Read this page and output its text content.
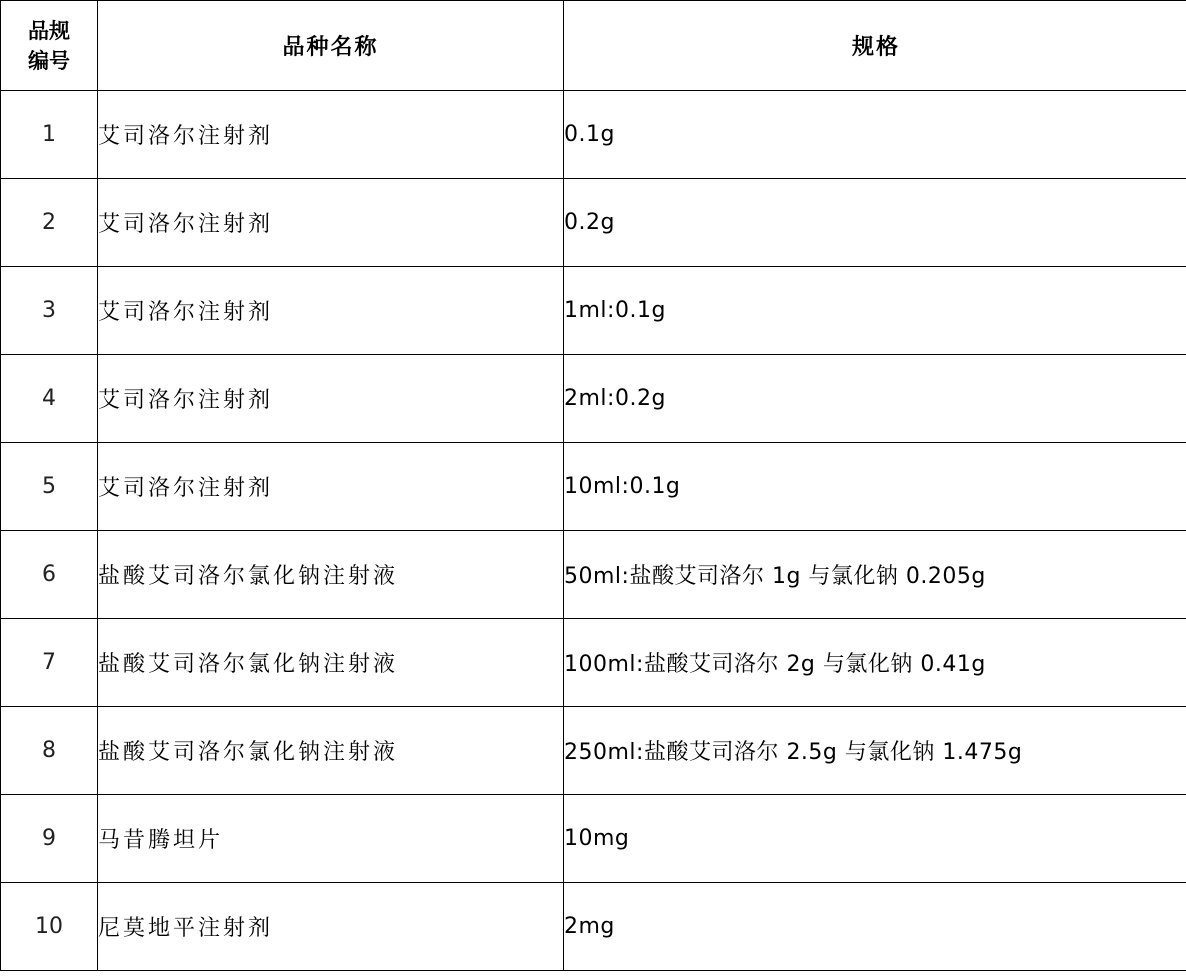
品规
编号	品种名称	规格
1	艾司洛尔注射剂	0.1g
2	艾司洛尔注射剂	0.2g
3	艾司洛尔注射剂	1ml:0.1g
4	艾司洛尔注射剂	2ml:0.2g
5	艾司洛尔注射剂	10ml:0.1g
6	盐酸艾司洛尔氯化钠注射液	50ml:盐酸艾司洛尔 1g 与氯化钠 0.205g
7	盐酸艾司洛尔氯化钠注射液	100ml:盐酸艾司洛尔 2g 与氯化钠 0.41g
8	盐酸艾司洛尔氯化钠注射液	250ml:盐酸艾司洛尔 2.5g 与氯化钠 1.475g
9	马昔腾坦片	10mg
10	尼莫地平注射剂	2mg
